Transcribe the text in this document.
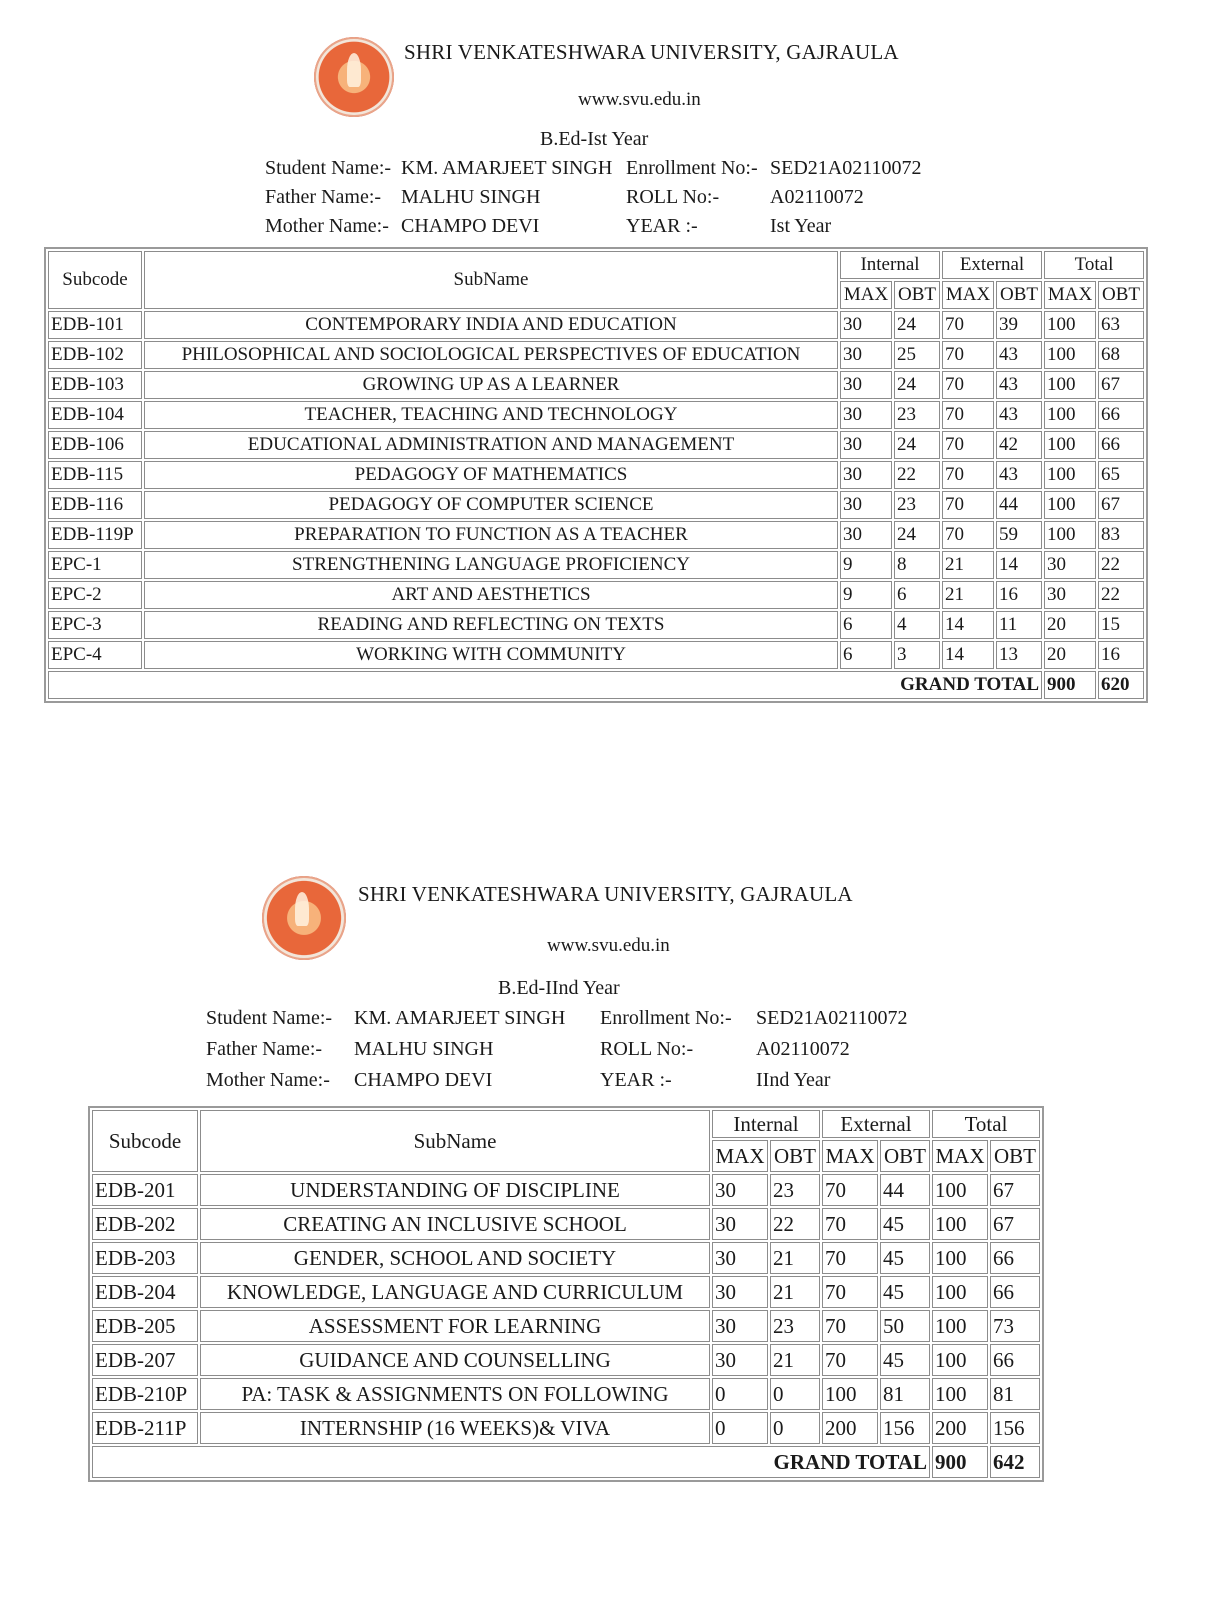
SHRI VENKATESHWARA UNIVERSITY, GAJRAULA
www.svu.edu.in
B.Ed-Ist Year
Student Name:- KM. AMARJEET SINGH Enrollment No:- SED21A02110072
Father Name:- MALHU SINGH	ROLL No:-	A02110072
Mother Name:- CHAMPO DEVI	YEAR :-	Ist Year
Subcode	SubName	Internal		External		Total	
		MAX	OBT	MAX	OBT	MAX	OBT
EDB-101	CONTEMPORARY INDIA AND EDUCATION	30	24	70	39	100	63
EDB-102	PHILOSOPHICAL AND SOCIOLOGICAL PERSPECTIVES OF EDUCATION	30	25	70	43	100	68
EDB-103	GROWING UP AS A LEARNER	30	24	70	43	100	67
EDB-104	TEACHER, TEACHING AND TECHNOLOGY	30	23	70	43	100	66
EDB-106	EDUCATIONAL ADMINISTRATION AND MANAGEMENT	30	24	70	42	100	66
EDB-115	PEDAGOGY OF MATHEMATICS	30	22	70	43	100	65
EDB-116	PEDAGOGY OF COMPUTER SCIENCE	30	23	70	44	100	67
EDB-119P	PREPARATION TO FUNCTION AS A TEACHER	30	24	70	59	100	83
EPC-1	STRENGTHENING LANGUAGE PROFICIENCY	9	8	21	14	30	22
EPC-2	ART AND AESTHETICS	9	6	21	16	30	22
EPC-3	READING AND REFLECTING ON TEXTS	6	4	14	11	20	15
EPC-4	WORKING WITH COMMUNITY	6	3	14	13	20	16
GRAND TOTAL						900	620
SHRI VENKATESHWARA UNIVERSITY, GAJRAULA
www.svu.edu.in
B.Ed-IInd Year
Student Name:- KM. AMARJEET SINGH Enrollment No:- SED21A02110072
Father Name:- MALHU SINGH	ROLL No:-	A02110072
Mother Name:- CHAMPO DEVI	YEAR :-	IInd Year
Subcode	SubName	Internal		External		Total	
		MAX	OBT	MAX	OBT	MAX	OBT
EDB-201	UNDERSTANDING OF DISCIPLINE	30	23	70	44	100	67
EDB-202	CREATING AN INCLUSIVE SCHOOL	30	22	70	45	100	67
EDB-203	GENDER, SCHOOL AND SOCIETY	30	21	70	45	100	66
EDB-204	KNOWLEDGE, LANGUAGE AND CURRICULUM	30	21	70	45	100	66
EDB-205	ASSESSMENT FOR LEARNING	30	23	70	50	100	73
EDB-207	GUIDANCE AND COUNSELLING	30	21	70	45	100	66
EDB-210P	PA: TASK & ASSIGNMENTS ON FOLLOWING	0	0	100	81	100	81
EDB-211P	INTERNSHIP (16 WEEKS)& VIVA	0	0	200	156	200	156
GRAND TOTAL						900	642
